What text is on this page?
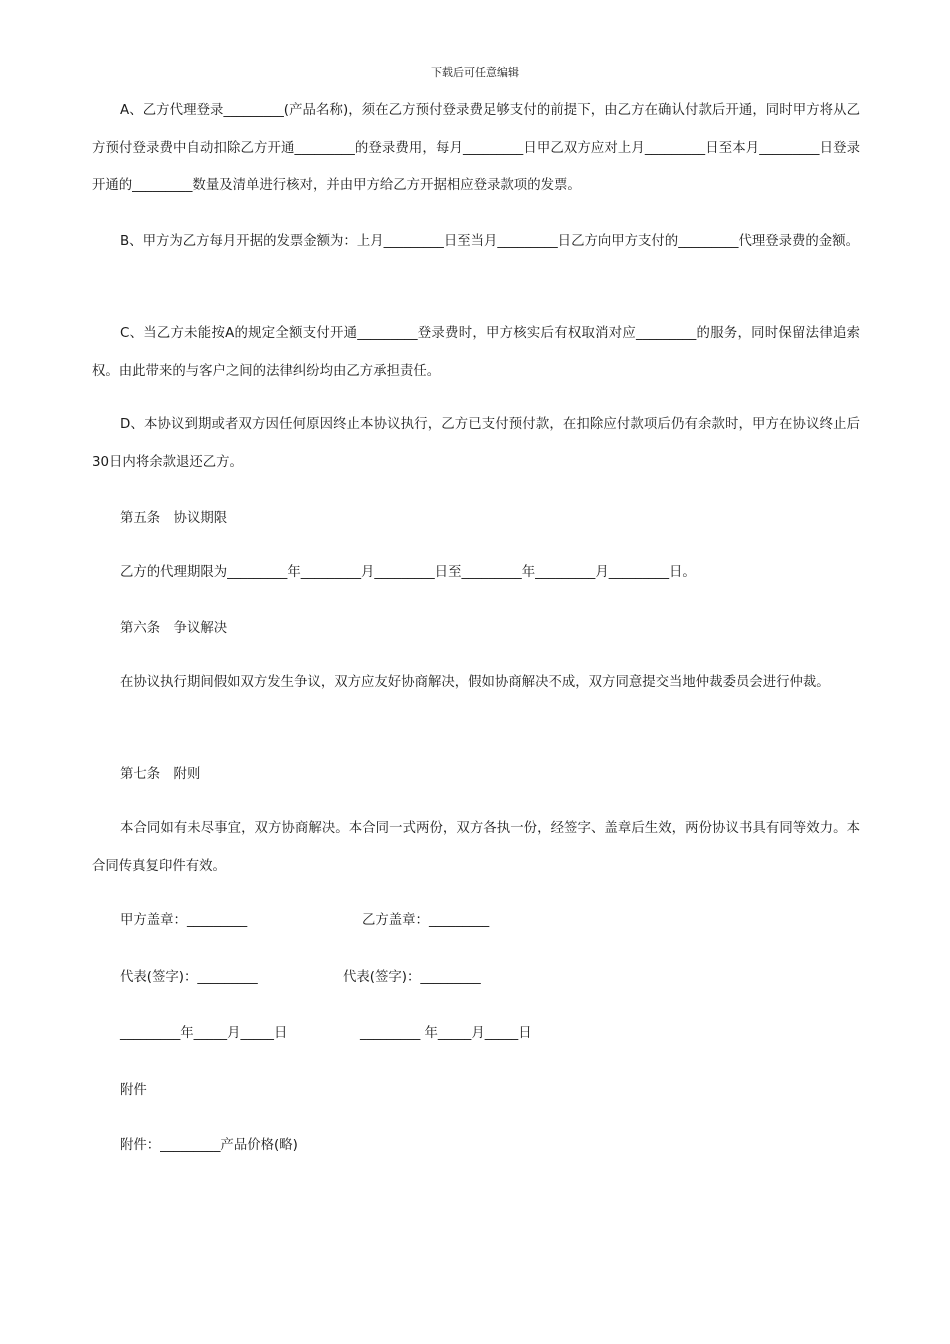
下载后可任意编辑

A、乙方代理登录_________(产品名称)，须在乙方预付登录费足够支付的前提下，由乙方在确认付款后开通，同时甲方将从乙方预付登录费中自动扣除乙方开通_________的登录费用，每月_________日甲乙双方应对上月_________日至本月_________日登录开通的_________数量及清单进行核对，并由甲方给乙方开据相应登录款项的发票。

B、甲方为乙方每月开据的发票金额为：上月_________日至当月_________日乙方向甲方支付的_________代理登录费的金额。

C、当乙方未能按A的规定全额支付开通_________登录费时，甲方核实后有权取消对应_________的服务，同时保留法律追索权。由此带来的与客户之间的法律纠纷均由乙方承担责任。

D、本协议到期或者双方因任何原因终止本协议执行，乙方已支付预付款，在扣除应付款项后仍有余款时，甲方在协议终止后30日内将余款退还乙方。

第五条　协议期限
乙方的代理期限为_________年_________月_________日至_________年_________月_________日。
第六条　争议解决

在协议执行期间假如双方发生争议，双方应友好协商解决，假如协商解决不成，双方同意提交当地仲裁委员会进行仲裁。

第七条　附则

本合同如有未尽事宜，双方协商解决。本合同一式两份，双方各执一份，经签字、盖章后生效，两份协议书具有同等效力。本合同传真复印件有效。

甲方盖章：_________	乙方盖章：_________
代表(签字)：_________	代表(签字)：_________
_________年_____月_____日	_________ 年_____月_____日
附件
附件：_________产品价格(略)
